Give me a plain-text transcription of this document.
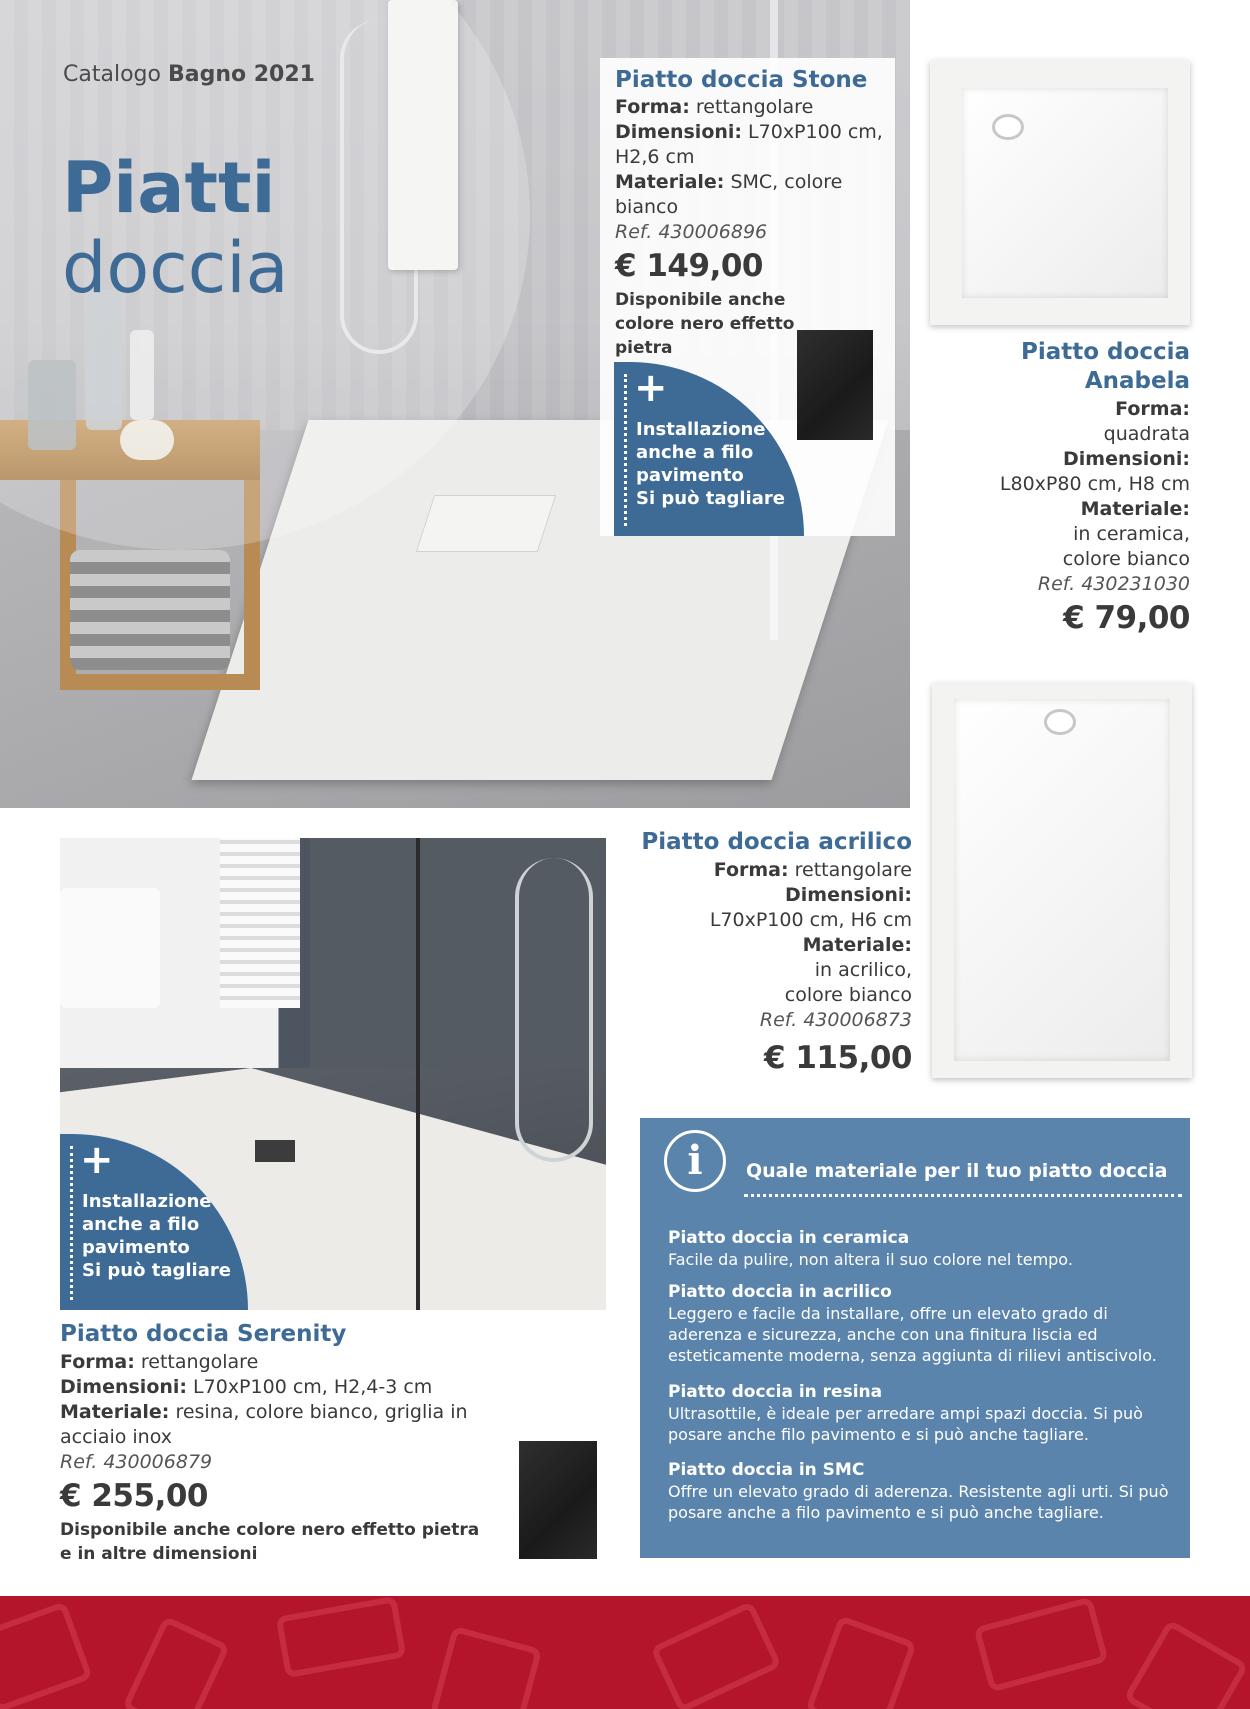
Catalogo Bagno 2021
Piatti
doccia
Piatto doccia Stone
Forma: rettangolare
Dimensioni: L70xP100 cm, H2,6 cm
Materiale: SMC, colore bianco
Ref. 430006896
€ 149,00
Disponibile anche colore nero effetto pietra
+
Installazione
anche a filo
pavimento
Si può tagliare
Piatto doccia
Anabela
Forma:
quadrata
Dimensioni:
L80xP80 cm, H8 cm
Materiale:
in ceramica,
colore bianco
Ref. 430231030
€ 79,00
Piatto doccia acrilico
Forma: rettangolare
Dimensioni:
L70xP100 cm, H6 cm
Materiale:
in acrilico,
colore bianco
Ref. 430006873
€ 115,00
+
Installazione
anche a filo
pavimento
Si può tagliare
Piatto doccia Serenity
Forma: rettangolare
Dimensioni: L70xP100 cm, H2,4-3 cm
Materiale: resina, colore bianco, griglia in acciaio inox
Ref. 430006879
€ 255,00
Disponibile anche colore nero effetto pietra e in altre dimensioni
i	Quale materiale per il tuo piatto doccia
Piatto doccia in ceramica
Facile da pulire, non altera il suo colore nel tempo.
Piatto doccia in acrilico
Leggero e facile da installare, offre un elevato grado di aderenza e sicurezza, anche con una finitura liscia ed esteticamente moderna, senza aggiunta di rilievi antiscivolo.
Piatto doccia in resina
Ultrasottile, è ideale per arredare ampi spazi doccia. Si può posare anche filo pavimento e si può anche tagliare.
Piatto doccia in SMC
Offre un elevato grado di aderenza. Resistente agli urti. Si può posare anche a filo pavimento e si può anche tagliare.
56
